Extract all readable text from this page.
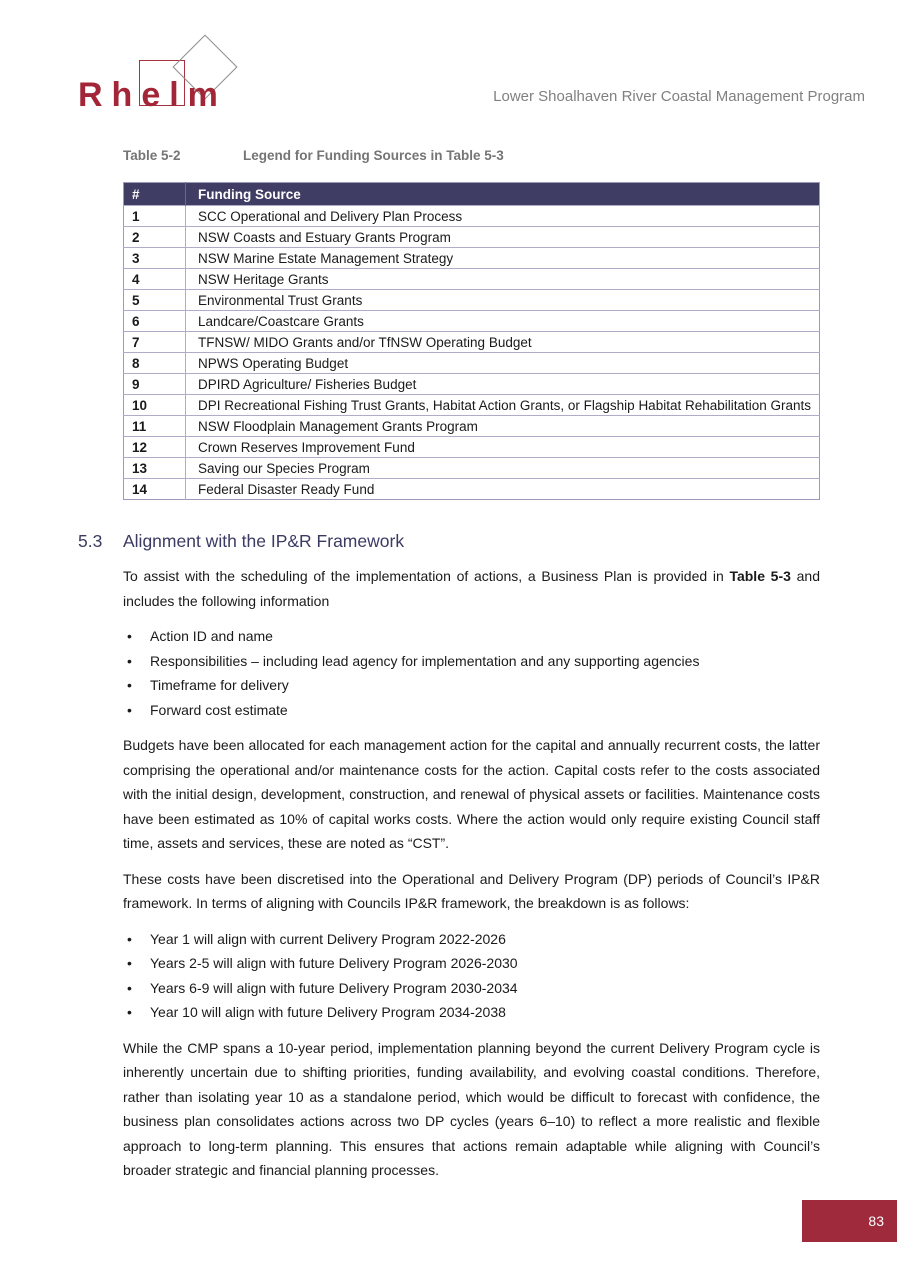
Rhelm	Lower Shoalhaven River Coastal Management Program
Table 5-2	Legend for Funding Sources in Table 5-3
#	Funding Source
1	SCC Operational and Delivery Plan Process
2	NSW Coasts and Estuary Grants Program
3	NSW Marine Estate Management Strategy
4	NSW Heritage Grants
5	Environmental Trust Grants
6	Landcare/Coastcare Grants
7	TFNSW/ MIDO Grants and/or TfNSW Operating Budget
8	NPWS Operating Budget
9	DPIRD Agriculture/ Fisheries Budget
10	DPI Recreational Fishing Trust Grants, Habitat Action Grants, or Flagship Habitat Rehabilitation Grants
11	NSW Floodplain Management Grants Program
12	Crown Reserves Improvement Fund
13	Saving our Species Program
14	Federal Disaster Ready Fund
5.3 Alignment with the IP&R Framework

To assist with the scheduling of the implementation of actions, a Business Plan is provided in Table 5-3 and includes the following information

• Action ID and name
• Responsibilities – including lead agency for implementation and any supporting agencies
• Timeframe for delivery
• Forward cost estimate

Budgets have been allocated for each management action for the capital and annually recurrent costs, the latter comprising the operational and/or maintenance costs for the action. Capital costs refer to the costs associated with the initial design, development, construction, and renewal of physical assets or facilities. Maintenance costs have been estimated as 10% of capital works costs. Where the action would only require existing Council staff time, assets and services, these are noted as “CST”.

These costs have been discretised into the Operational and Delivery Program (DP) periods of Council’s IP&R framework. In terms of aligning with Councils IP&R framework, the breakdown is as follows:

• Year 1 will align with current Delivery Program 2022-2026
• Years 2-5 will align with future Delivery Program 2026-2030
• Years 6-9 will align with future Delivery Program 2030-2034
• Year 10 will align with future Delivery Program 2034-2038

While the CMP spans a 10-year period, implementation planning beyond the current Delivery Program cycle is inherently uncertain due to shifting priorities, funding availability, and evolving coastal conditions. Therefore, rather than isolating year 10 as a standalone period, which would be difficult to forecast with confidence, the business plan consolidates actions across two DP cycles (years 6–10) to reflect a more realistic and flexible approach to long-term planning. This ensures that actions remain adaptable while aligning with Council’s broader strategic and financial planning processes.

83
